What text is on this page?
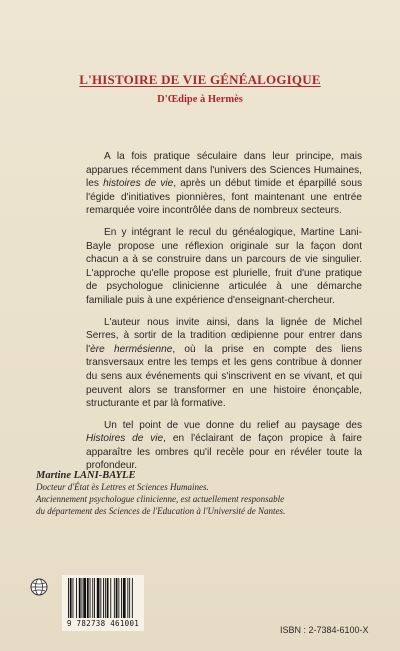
L'HISTOIRE DE VIE GÉNÉALOGIQUE
D'Œdipe à Hermès

A la fois pratique séculaire dans leur principe, mais apparues récemment dans l'univers des Sciences Humaines, les histoires de vie, après un début timide et éparpillé sous l'égide d'initiatives pionnières, font maintenant une entrée remarquée voire incontrôlée dans de nombreux secteurs.

En y intégrant le recul du généalogique, Martine Lani-Bayle propose une réflexion originale sur la façon dont chacun a à se construire dans un parcours de vie singulier. L'approche qu'elle propose est plurielle, fruit d'une pratique de psychologue clinicienne articulée à une démarche familiale puis à une expérience d'enseignant-chercheur.

L'auteur nous invite ainsi, dans la lignée de Michel Serres, à sortir de la tradition œdipienne pour entrer dans l'ère hermésienne, où la prise en compte des liens transversaux entre les temps et les gens contribue à donner du sens aux événements qui s'inscrivent en se vivant, et qui peuvent alors se transformer en une histoire énonçable, structurante et par là formative.

Un tel point de vue donne du relief au paysage des Histoires de vie, en l'éclairant de façon propice à faire apparaître les ombres qu'il recèle pour en révéler toute la profondeur.

Martine LANI-BAYLE

Docteur d'État ès Lettres et Sciences Humaines.

Anciennement psychologue clinicienne, est actuellement responsable

du département des Sciences de l'Education à l'Université de Nantes.

9 782738 461001
ISBN : 2-7384-6100-X
